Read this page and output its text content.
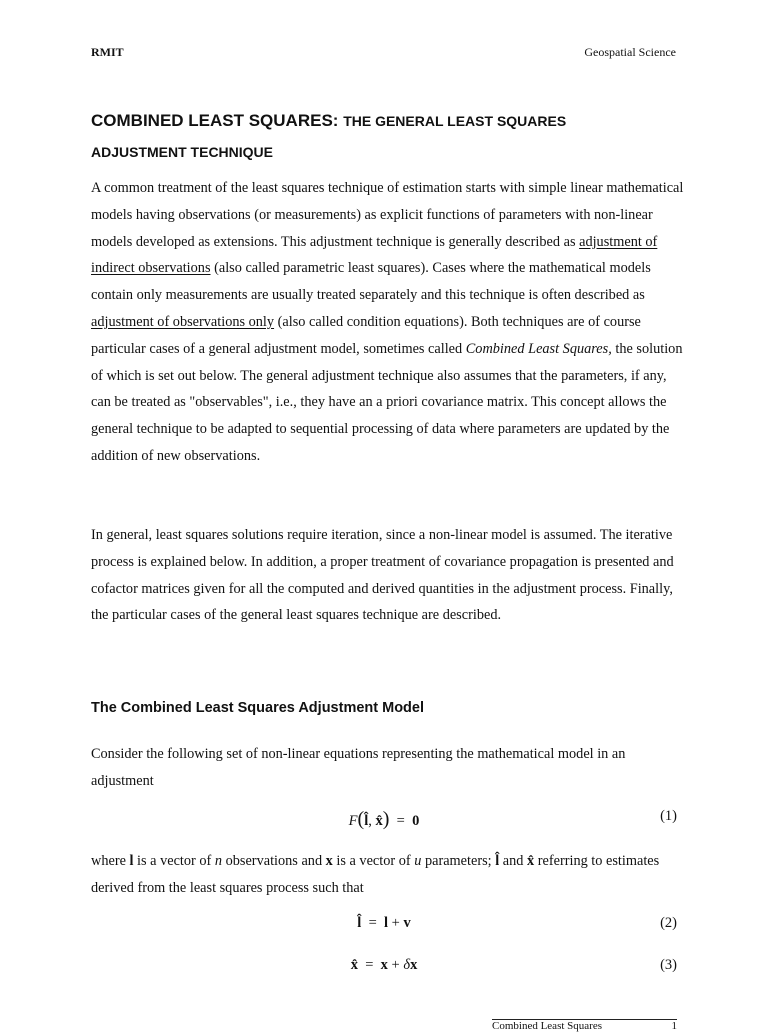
RMIT	Geospatial Science
COMBINED LEAST SQUARES: THE GENERAL LEAST SQUARES
ADJUSTMENT TECHNIQUE

A common treatment of the least squares technique of estimation starts with simple linear mathematical models having observations (or measurements) as explicit functions of parameters with non-linear models developed as extensions. This adjustment technique is generally described as adjustment of indirect observations (also called parametric least squares). Cases where the mathematical models contain only measurements are usually treated separately and this technique is often described as adjustment of observations only (also called condition equations). Both techniques are of course particular cases of a general adjustment model, sometimes called Combined Least Squares, the solution of which is set out below. The general adjustment technique also assumes that the parameters, if any, can be treated as "observables", i.e., they have an a priori covariance matrix. This concept allows the general technique to be adapted to sequential processing of data where parameters are updated by the addition of new observations.

In general, least squares solutions require iteration, since a non-linear model is assumed. The iterative process is explained below. In addition, a proper treatment of covariance propagation is presented and cofactor matrices given for all the computed and derived quantities in the adjustment process. Finally, the particular cases of the general least squares technique are described.

The Combined Least Squares Adjustment Model

Consider the following set of non-linear equations representing the mathematical model in an adjustment

F(l̂, x̂)  =  0	(1)

where l is a vector of n observations and x is a vector of u parameters; l̂ and x̂ referring to estimates derived from the least squares process such that

l̂  =  l + v	(2)
x̂  =  x + δx	(3)
Combined Least Squares	1
